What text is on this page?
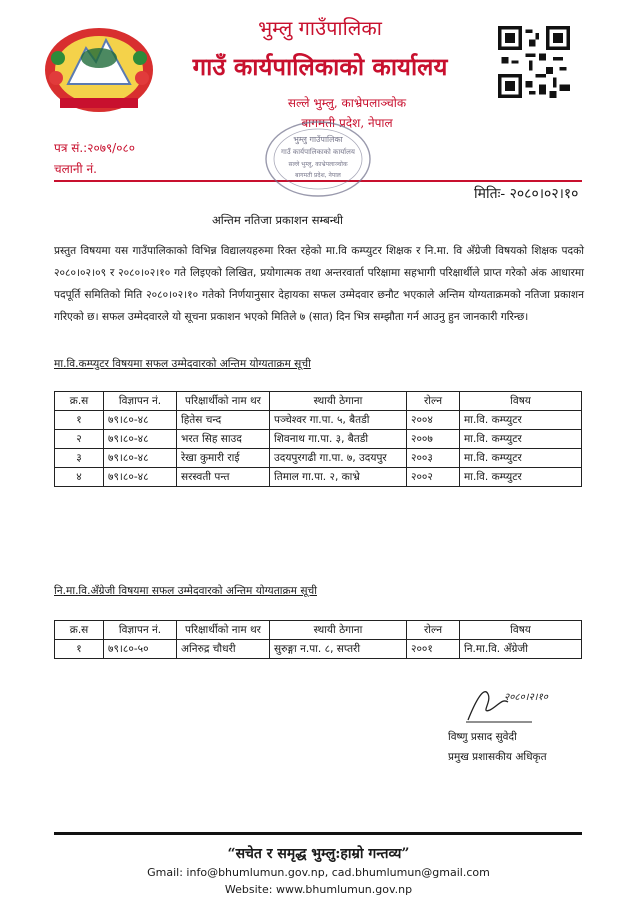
भुम्लु गाउँपालिका
गाउँ कार्यपालिकाको कार्यालय
सल्ले भुम्लु, काभ्रेपलाञ्चोक
बागमती प्रदेश, नेपाल
पत्र सं.:२०७९/०८०
चलानी नं.
मितिः- २०८०।०२।१०
भुम्लु गाउँपालिका
गाउँ कार्यपालिकाको कार्यालय
सल्ले भुम्लु, काभ्रेपलाञ्चोक
बागमती प्रदेश, नेपाल
अन्तिम नतिजा प्रकाशन सम्बन्धी
प्रस्तुत विषयमा यस गाउँपालिकाको विभिन्न विद्यालयहरुमा रिक्त रहेको मा.वि कम्प्युटर शिक्षक र नि.मा. वि अँग्रेजी विषयको शिक्षक पदको २०८०।०२।०९ र २०८०।०२।१० गते लिइएको लिखित, प्रयोगात्मक तथा अन्तरवार्ता परिक्षामा सहभागी परिक्षार्थीले प्राप्त गरेको अंक आधारमा पदपूर्ति समितिको मिति २०८०।०२।१० गतेको निर्णयानुसार देहायका सफल उम्मेदवार छनौट भएकाले अन्तिम योग्यताक्रमको नतिजा प्रकाशन गरिएको छ। सफल उम्मेदवारले यो सूचना प्रकाशन भएको मितिले ७ (सात) दिन भित्र सम्झौता गर्न आउनु हुन जानकारी गरिन्छ।
मा.वि.कम्प्युटर विषयमा सफल उम्मेदवारको अन्तिम योग्यताक्रम सूची
क्र.स	विज्ञापन नं.	परिक्षार्थीको नाम थर	स्थायी ठेगाना	रोल्न	विषय
१	७९।८०-४८	हितेस चन्द	पञ्चेश्वर गा.पा. ५, बैतडी	२००४	मा.वि. कम्प्युटर
२	७९।८०-४८	भरत सिह साउद	शिवनाथ गा.पा. ३, बैतडी	२००७	मा.वि. कम्प्युटर
३	७९।८०-४८	रेखा कुमारी राई	उदयपुरगढी गा.पा. ७, उदयपुर	२००३	मा.वि. कम्प्युटर
४	७९।८०-४८	सरस्वती पन्त	तिमाल गा.पा. २, काभ्रे	२००२	मा.वि. कम्प्युटर
नि.मा.वि.अँग्रेजी विषयमा सफल उम्मेदवारको अन्तिम योग्यताक्रम सूची
क्र.स	विज्ञापन नं.	परिक्षार्थीको नाम थर	स्थायी ठेगाना	रोल्न	विषय
१	७९।८०-५०	अनिरुद्र चौधरी	सुरुङ्गा न.पा. ८, सप्तरी	२००१	नि.मा.वि. अँग्रेजी
२०८०।२।१०
विष्णु प्रसाद सुवेदी
प्रमुख प्रशासकीय अधिकृत
“सचेत र समृद्ध भुम्लु:हाम्रो गन्तव्य”
Gmail: info@bhumlumun.gov.np, cad.bhumlumun@gmail.com
Website: www.bhumlumun.gov.np
